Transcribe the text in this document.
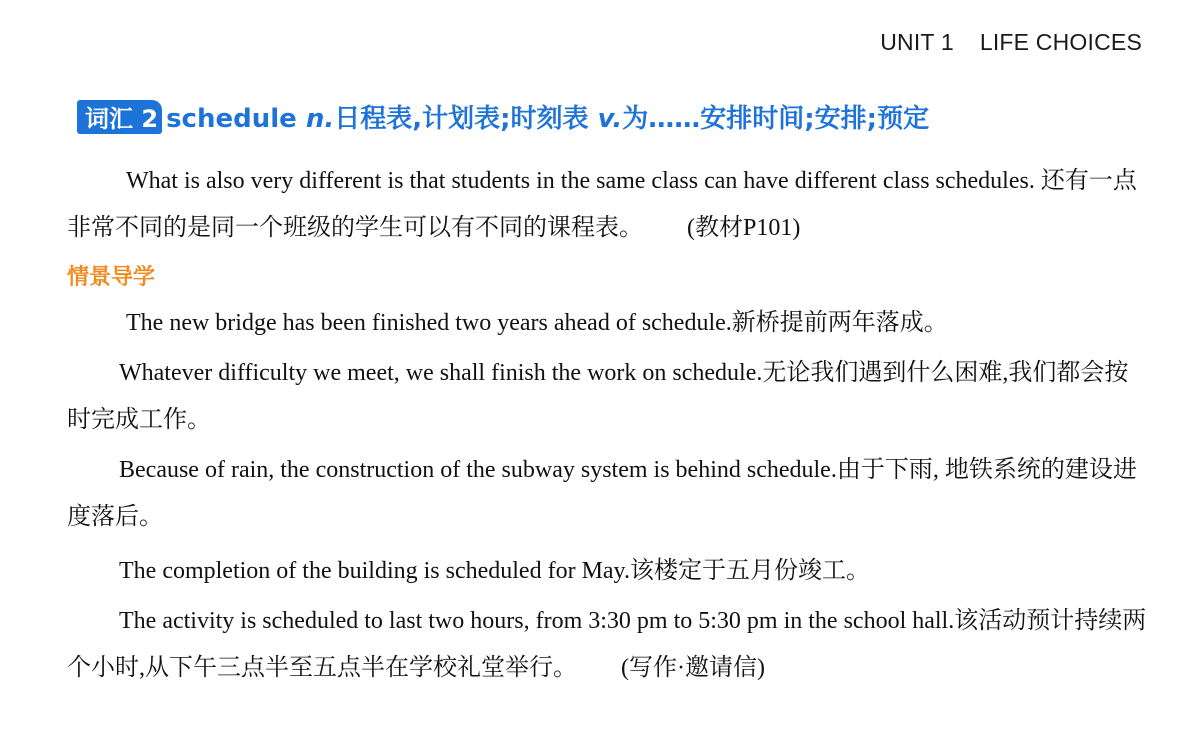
UNIT 1 LIFE CHOICES
词汇 2 schedule n.日程表,计划表;时刻表 v.为……安排时间;安排;预定
What is also very different is that students in the same class can have different class schedules. 还有一点非常不同的是同一个班级的学生可以有不同的课程表。 (教材P101)
情景导学
The new bridge has been finished two years ahead of schedule.新桥提前两年落成。
Whatever difficulty we meet, we shall finish the work on schedule.无论我们遇到什么困难,我们都会按时完成工作。
Because of rain, the construction of the subway system is behind schedule.由于下雨, 地铁系统的建设进度落后。
The completion of the building is scheduled for May.该楼定于五月份竣工。
The activity is scheduled to last two hours, from 3:30 pm to 5:30 pm in the school hall.该活动预计持续两个小时,从下午三点半至五点半在学校礼堂举行。 (写作·邀请信)
